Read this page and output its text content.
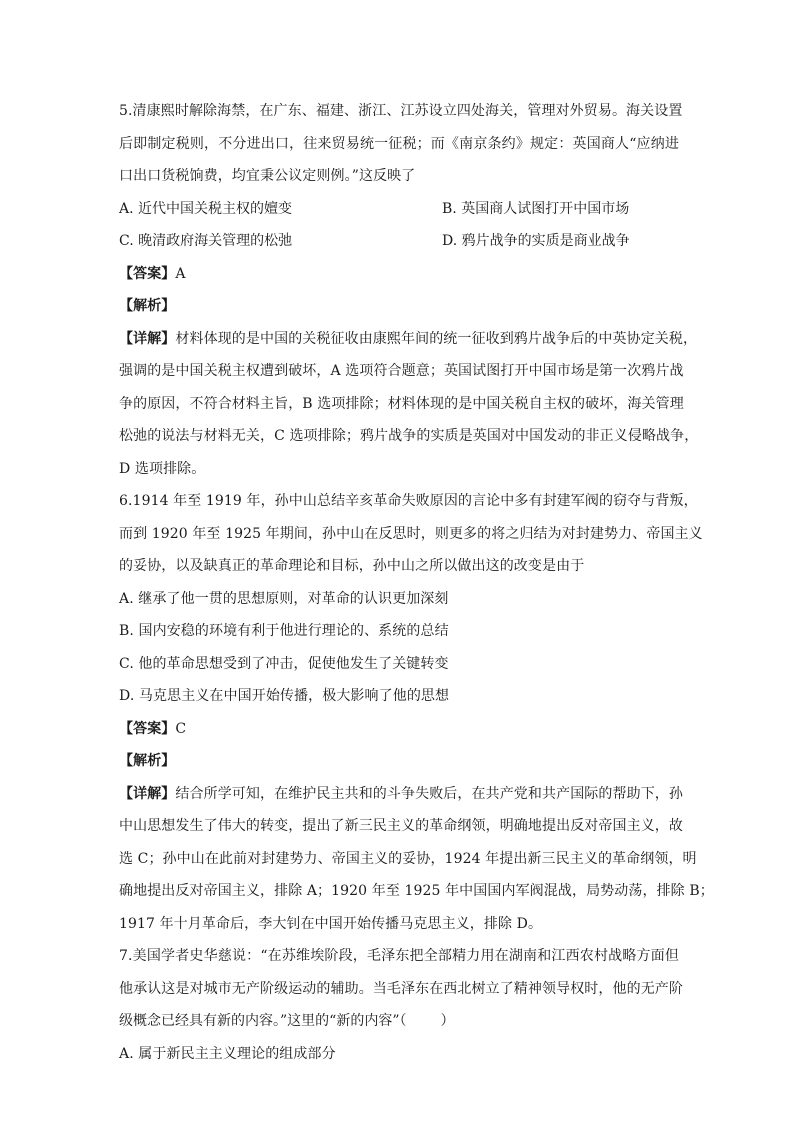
5.清康熙时解除海禁，在广东、福建、浙江、江苏设立四处海关，管理对外贸易。海关设置
后即制定税则，不分进出口，往来贸易统一征税；而《南京条约》规定：英国商人“应纳进
口出口货税饷费，均宜秉公议定则例。”这反映了
A. 近代中国关税主权的嬗变	B. 英国商人试图打开中国市场
C. 晚清政府海关管理的松弛	D. 鸦片战争的实质是商业战争
【答案】A
【解析】
【详解】材料体现的是中国的关税征收由康熙年间的统一征收到鸦片战争后的中英协定关税，
强调的是中国关税主权遭到破坏，A 选项符合题意；英国试图打开中国市场是第一次鸦片战
争的原因，不符合材料主旨，B 选项排除；材料体现的是中国关税自主权的破坏，海关管理
松弛的说法与材料无关，C 选项排除；鸦片战争的实质是英国对中国发动的非正义侵略战争，
D 选项排除。
6.1914 年至 1919 年，孙中山总结辛亥革命失败原因的言论中多有封建军阀的窃夺与背叛，
而到 1920 年至 1925 年期间，孙中山在反思时，则更多的将之归结为对封建势力、帝国主义
的妥协，以及缺真正的革命理论和目标，孙中山之所以做出这的改变是由于
A. 继承了他一贯的思想原则，对革命的认识更加深刻
B. 国内安稳的环境有利于他进行理论的、系统的总结
C. 他的革命思想受到了冲击，促使他发生了关键转变
D. 马克思主义在中国开始传播，极大影响了他的思想
【答案】C
【解析】
【详解】结合所学可知，在维护民主共和的斗争失败后，在共产党和共产国际的帮助下，孙
中山思想发生了伟大的转变，提出了新三民主义的革命纲领，明确地提出反对帝国主义，故
选 C；孙中山在此前对封建势力、帝国主义的妥协，1924 年提出新三民主义的革命纲领，明
确地提出反对帝国主义，排除 A；1920 年至 1925 年中国国内军阀混战，局势动荡，排除 B；
1917 年十月革命后，李大钊在中国开始传播马克思主义，排除 D。
7.美国学者史华慈说：“在苏维埃阶段，毛泽东把全部精力用在湖南和江西农村战略方面但
他承认这是对城市无产阶级运动的辅助。当毛泽东在西北树立了精神领导权时，他的无产阶
级概念已经具有新的内容。”这里的“新的内容”（ ）
A. 属于新民主主义理论的组成部分
